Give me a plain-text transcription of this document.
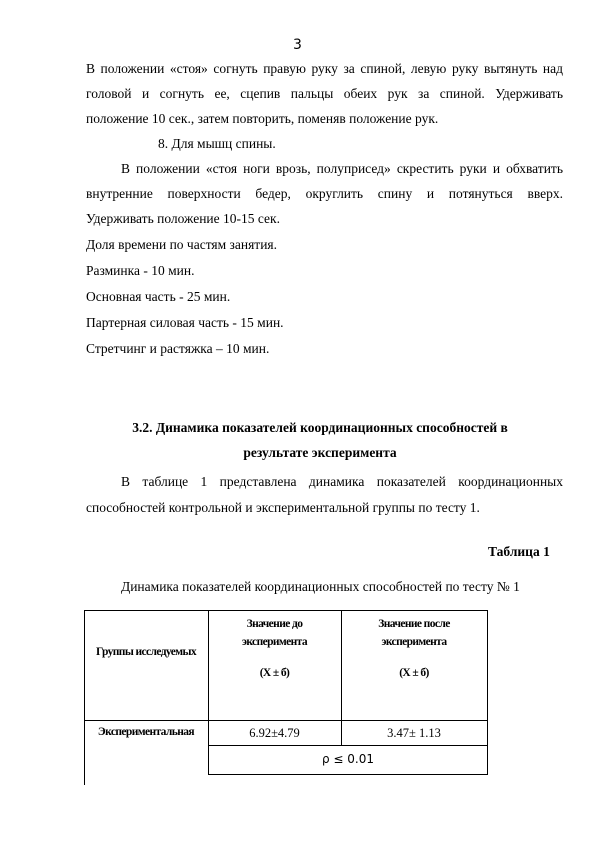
3
В положении «стоя» согнуть правую руку за спиной, левую руку вытянуть над
головой и согнуть ее, сцепив пальцы обеих рук за спиной. Удерживать
положение 10 сек., затем повторить, поменяв положение рук.
8. Для мышц спины.
В положении «стоя ноги врозь, полуприсед» скрестить руки и обхватить
внутренние поверхности бедер, округлить спину и потянуться вверх.
Удерживать положение 10-15 сек.
Доля времени по частям занятия.
Разминка - 10 мин.
Основная часть - 25 мин.
Партерная силовая часть - 15 мин.
Стретчинг и растяжка – 10 мин.
3.2. Динамика показателей координационных способностей в
результате эксперимента
В таблице 1 представлена динамика показателей координационных
способностей контрольной и экспериментальной группы по тесту 1.
Таблица 1
Динамика показателей координационных способностей по тесту № 1
Группы исследуемых
Значение до
эксперимента
(X ± б)
Значение после
эксперимента
(X ± б)
Экспериментальная	6.92±4.79	3.47± 1.13
ρ ≤ 0.01
